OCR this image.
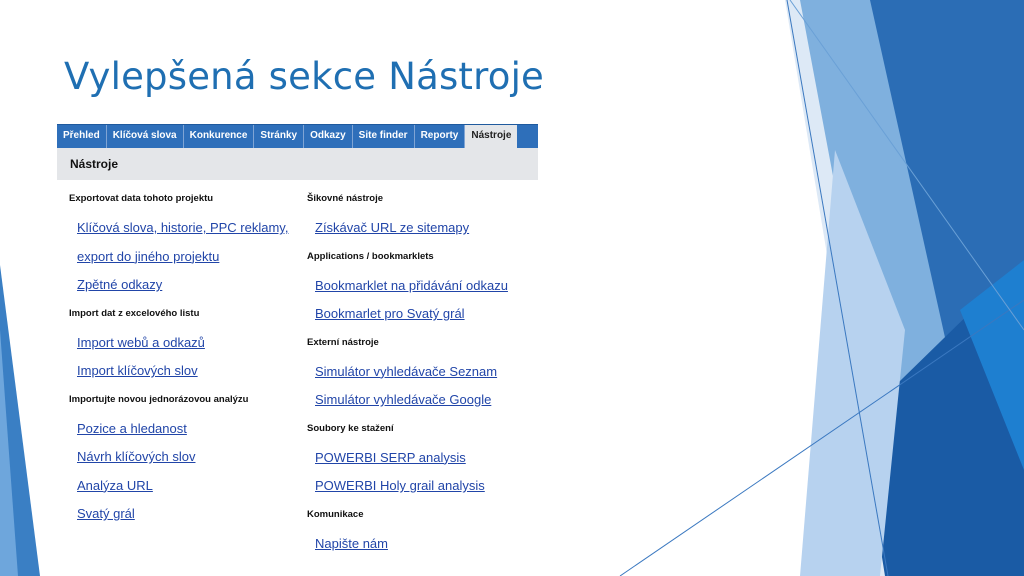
Vylepšená sekce Nástroje
Přehled	Klíčová slova	Konkurence	Stránky	Odkazy	Site finder	Reporty	Nástroje
Nástroje
Exportovat data tohoto projektu
Klíčová slova, historie, PPC reklamy,
export do jiného projektu
Zpětné odkazy
Import dat z excelového listu
Import webů a odkazů
Import klíčových slov
Importujte novou jednorázovou analýzu
Pozice a hledanost
Návrh klíčových slov
Analýza URL
Svatý grál
Šikovné nástroje
Získávač URL ze sitemapy
Applications / bookmarklets
Bookmarklet na přidávání odkazu
Bookmarlet pro Svatý grál
Externí nástroje
Simulátor vyhledávače Seznam
Simulátor vyhledávače Google
Soubory ke stažení
POWERBI SERP analysis
POWERBI Holy grail analysis
Komunikace
Napište nám
